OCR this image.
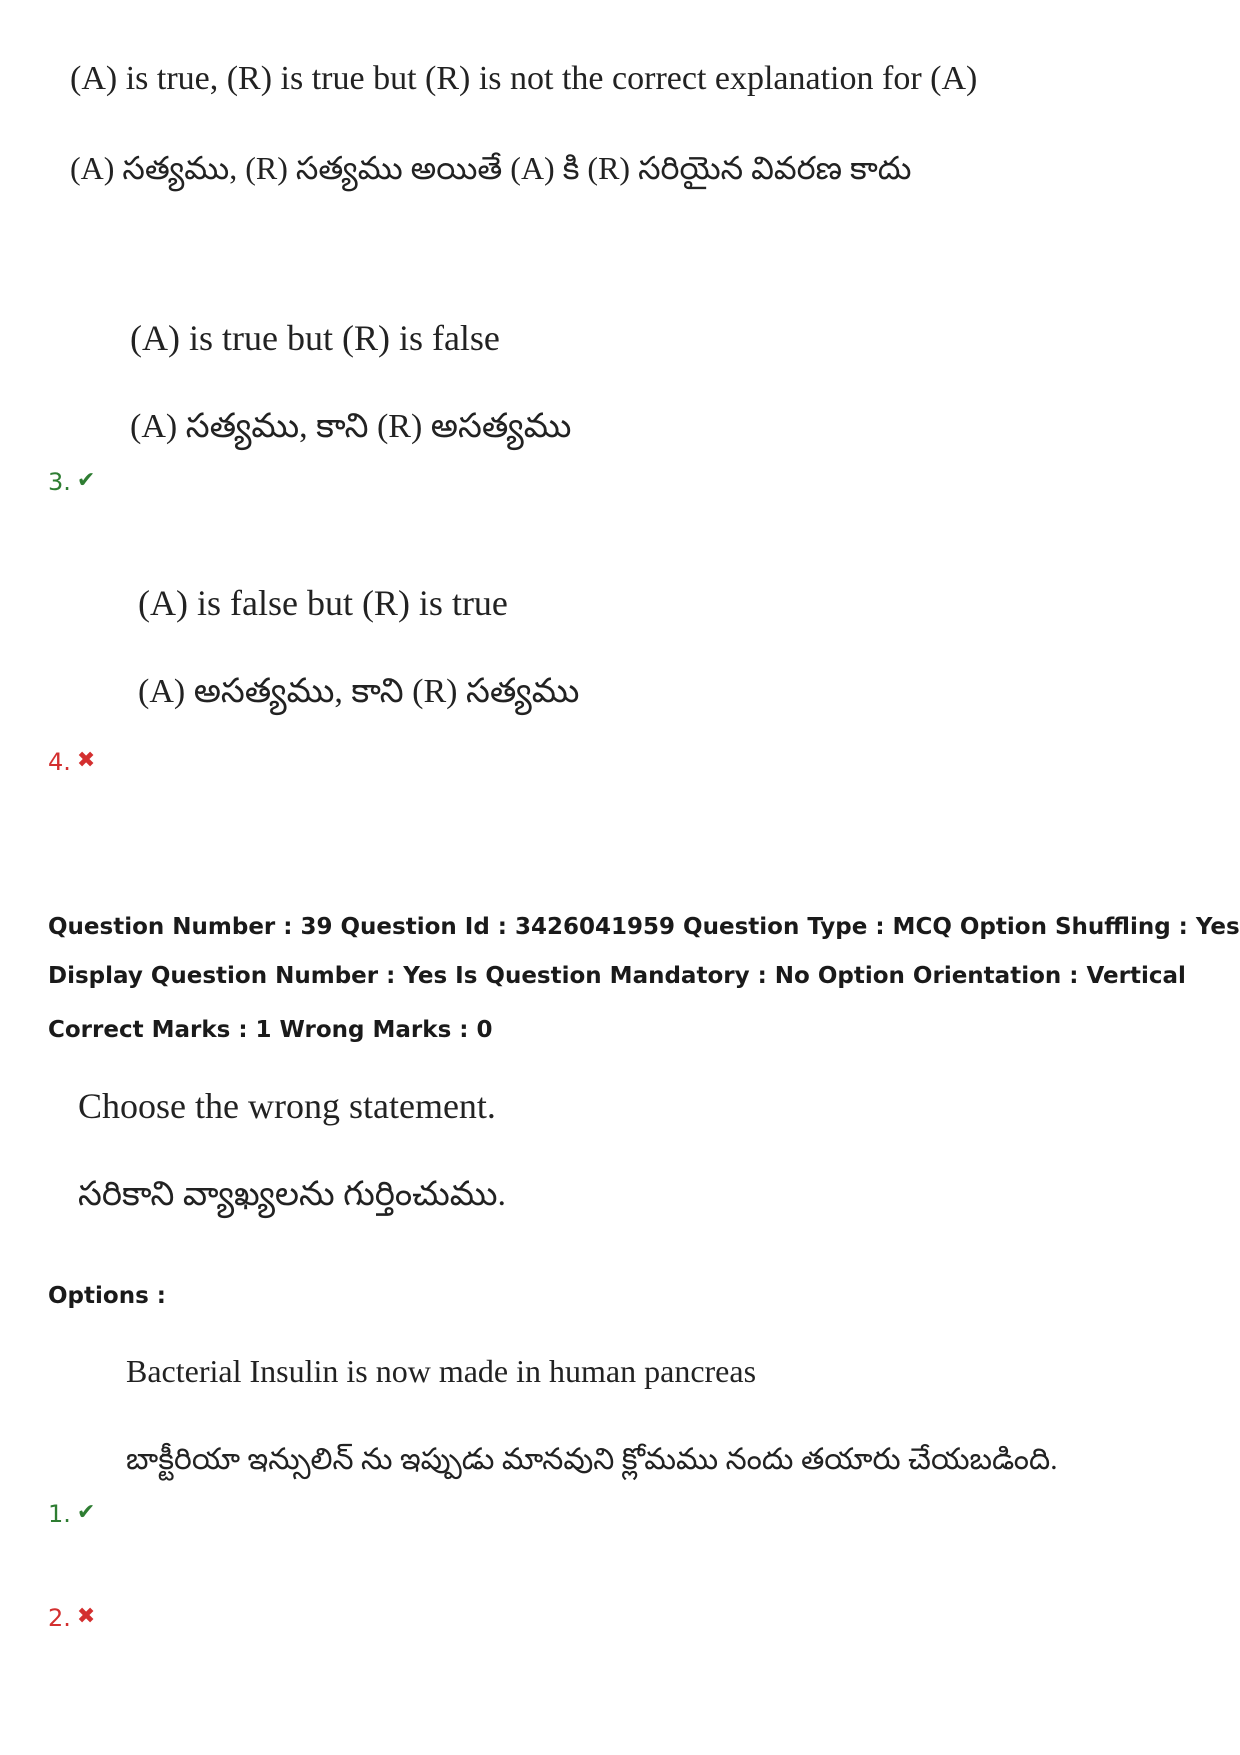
(A) is true, (R) is true but (R) is not the correct explanation for (A)
(A) సత్యము, (R) సత్యము అయితే (A) కి (R) సరియైన వివరణ కాదు
(A) is true but (R) is false
(A) సత్యము, కాని (R) అసత్యము
3. ✔
(A) is false but (R) is true
(A) అసత్యము, కాని (R) సత్యము
4. ✖
Question Number : 39 Question Id : 3426041959 Question Type : MCQ Option Shuffling : Yes
Display Question Number : Yes Is Question Mandatory : No Option Orientation : Vertical
Correct Marks : 1 Wrong Marks : 0
Choose the wrong statement.
సరికాని వ్యాఖ్యలను గుర్తించుము.
Options :
Bacterial Insulin is now made in human pancreas
బాక్టీరియా ఇన్సులిన్ ను ఇప్పుడు మానవుని క్లోమము నందు తయారు చేయబడింది.
1. ✔
2. ✖
